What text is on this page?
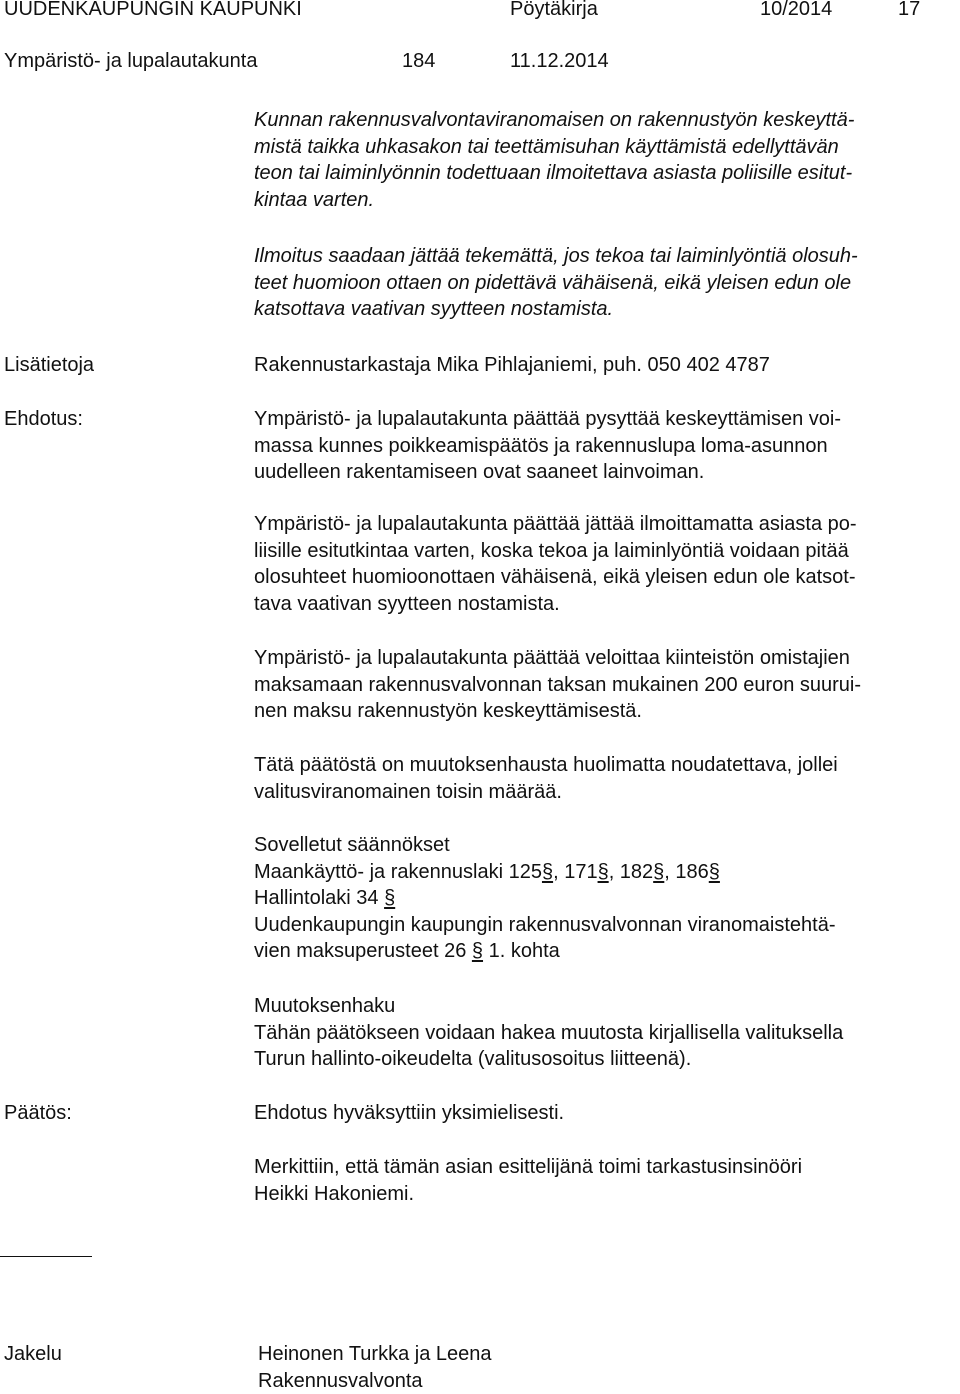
UUDENKAUPUNGIN KAUPUNKI	Pöytäkirja	10/2014	17
Ympäristö- ja lupalautakunta	184	11.12.2014
Kunnan rakennusvalvontaviranomaisen on rakennustyön keskeyttä-
mistä taikka uhkasakon tai teettämisuhan käyttämistä edellyttävän
teon tai laiminlyönnin todettuaan ilmoitettava asiasta poliisille esitut-
kintaa varten.
Ilmoitus saadaan jättää tekemättä, jos tekoa tai laiminlyöntiä olosuh-
teet huomioon ottaen on pidettävä vähäisenä, eikä yleisen edun ole
katsottava vaativan syytteen nostamista.
Lisätietoja	Rakennustarkastaja Mika Pihlajaniemi, puh. 050 402 4787
Ehdotus:	Ympäristö- ja lupalautakunta päättää pysyttää keskeyttämisen voi-
massa kunnes poikkeamispäätös ja rakennuslupa loma-asunnon
uudelleen rakentamiseen ovat saaneet lainvoiman.
Ympäristö- ja lupalautakunta päättää jättää ilmoittamatta asiasta po-
liisille esitutkintaa varten, koska tekoa ja laiminlyöntiä voidaan pitää
olosuhteet huomioonottaen vähäisenä, eikä yleisen edun ole katsot-
tava vaativan syytteen nostamista.
Ympäristö- ja lupalautakunta päättää veloittaa kiinteistön omistajien
maksamaan rakennusvalvonnan taksan mukainen 200 euron suurui-
nen maksu rakennustyön keskeyttämisestä.
Tätä päätöstä on muutoksenhausta huolimatta noudatettava, jollei
valitusviranomainen toisin määrää.
Sovelletut säännökset
Maankäyttö- ja rakennuslaki 125§, 171§, 182§, 186§
Hallintolaki 34 §
Uudenkaupungin kaupungin rakennusvalvonnan viranomaistehtä-
vien maksuperusteet 26 § 1. kohta
Muutoksenhaku
Tähän päätökseen voidaan hakea muutosta kirjallisella valituksella
Turun hallinto-oikeudelta (valitusosoitus liitteenä).
Päätös:	Ehdotus hyväksyttiin yksimielisesti.
Merkittiin, että tämän asian esittelijänä toimi tarkastusinsinööri
Heikki Hakoniemi.
Jakelu	Heinonen Turkka ja Leena
Rakennusvalvonta
